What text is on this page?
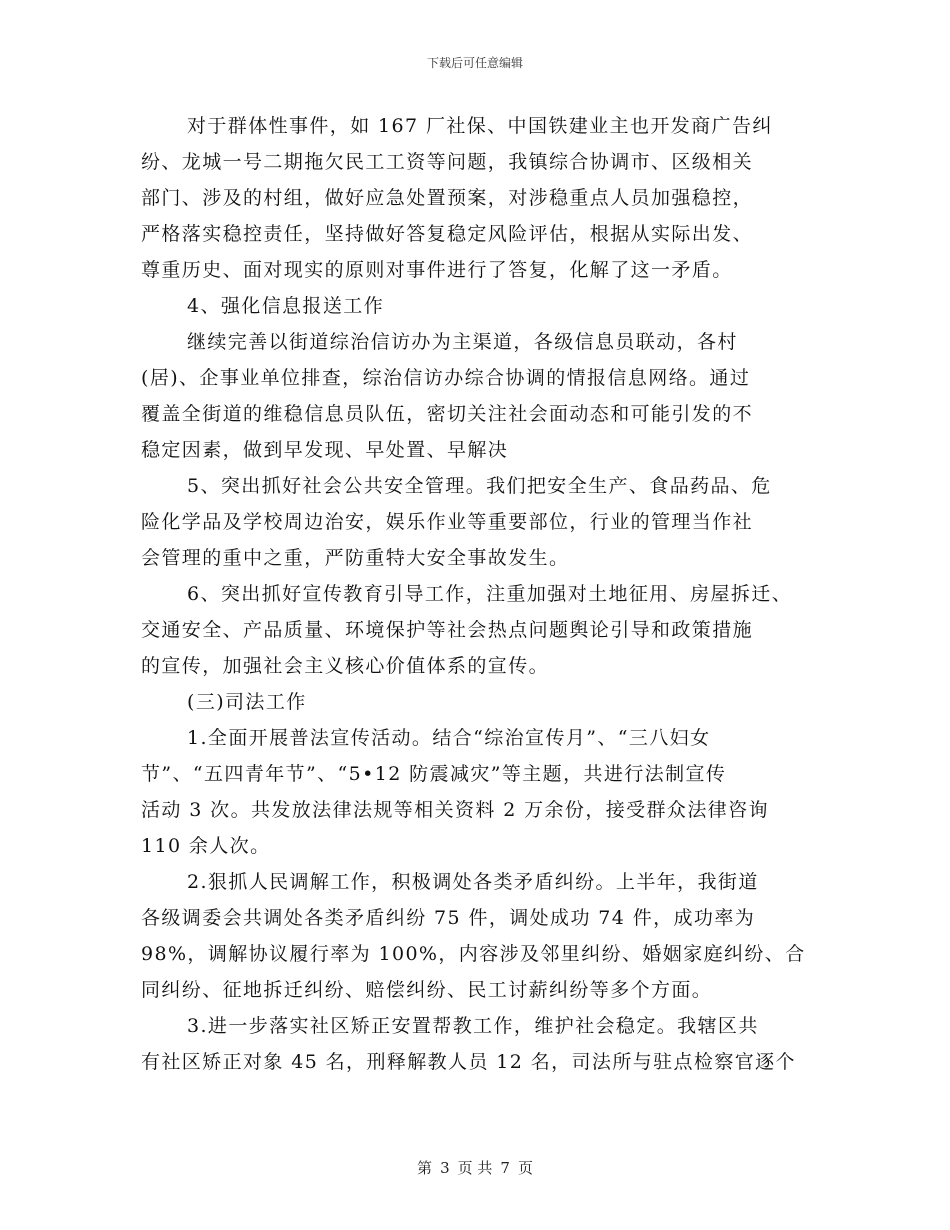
下载后可任意编辑
对于群体性事件，如 167 厂社保、中国铁建业主也开发商广告纠
纷、龙城一号二期拖欠民工工资等问题，我镇综合协调市、区级相关
部门、涉及的村组，做好应急处置预案，对涉稳重点人员加强稳控，
严格落实稳控责任，坚持做好答复稳定风险评估，根据从实际出发、
尊重历史、面对现实的原则对事件进行了答复，化解了这一矛盾。
4、强化信息报送工作
继续完善以街道综治信访办为主渠道，各级信息员联动，各村
(居)、企事业单位排查，综治信访办综合协调的情报信息网络。通过
覆盖全街道的维稳信息员队伍，密切关注社会面动态和可能引发的不
稳定因素，做到早发现、早处置、早解决
5、突出抓好社会公共安全管理。我们把安全生产、食品药品、危
险化学品及学校周边治安，娱乐作业等重要部位，行业的管理当作社
会管理的重中之重，严防重特大安全事故发生。
6、突出抓好宣传教育引导工作，注重加强对土地征用、房屋拆迁、
交通安全、产品质量、环境保护等社会热点问题舆论引导和政策措施
的宣传，加强社会主义核心价值体系的宣传。
(三)司法工作
1.全面开展普法宣传活动。结合“综治宣传月”、“三八妇女
节”、“五四青年节”、“5•12 防震减灾”等主题，共进行法制宣传
活动 3 次。共发放法律法规等相关资料 2 万余份，接受群众法律咨询
110 余人次。
2.狠抓人民调解工作，积极调处各类矛盾纠纷。上半年，我街道
各级调委会共调处各类矛盾纠纷 75 件，调处成功 74 件，成功率为
98%，调解协议履行率为 100%，内容涉及邻里纠纷、婚姻家庭纠纷、合
同纠纷、征地拆迁纠纷、赔偿纠纷、民工讨薪纠纷等多个方面。
3.进一步落实社区矫正安置帮教工作，维护社会稳定。我辖区共
有社区矫正对象 45 名，刑释解教人员 12 名，司法所与驻点检察官逐个
第 3 页 共 7 页
